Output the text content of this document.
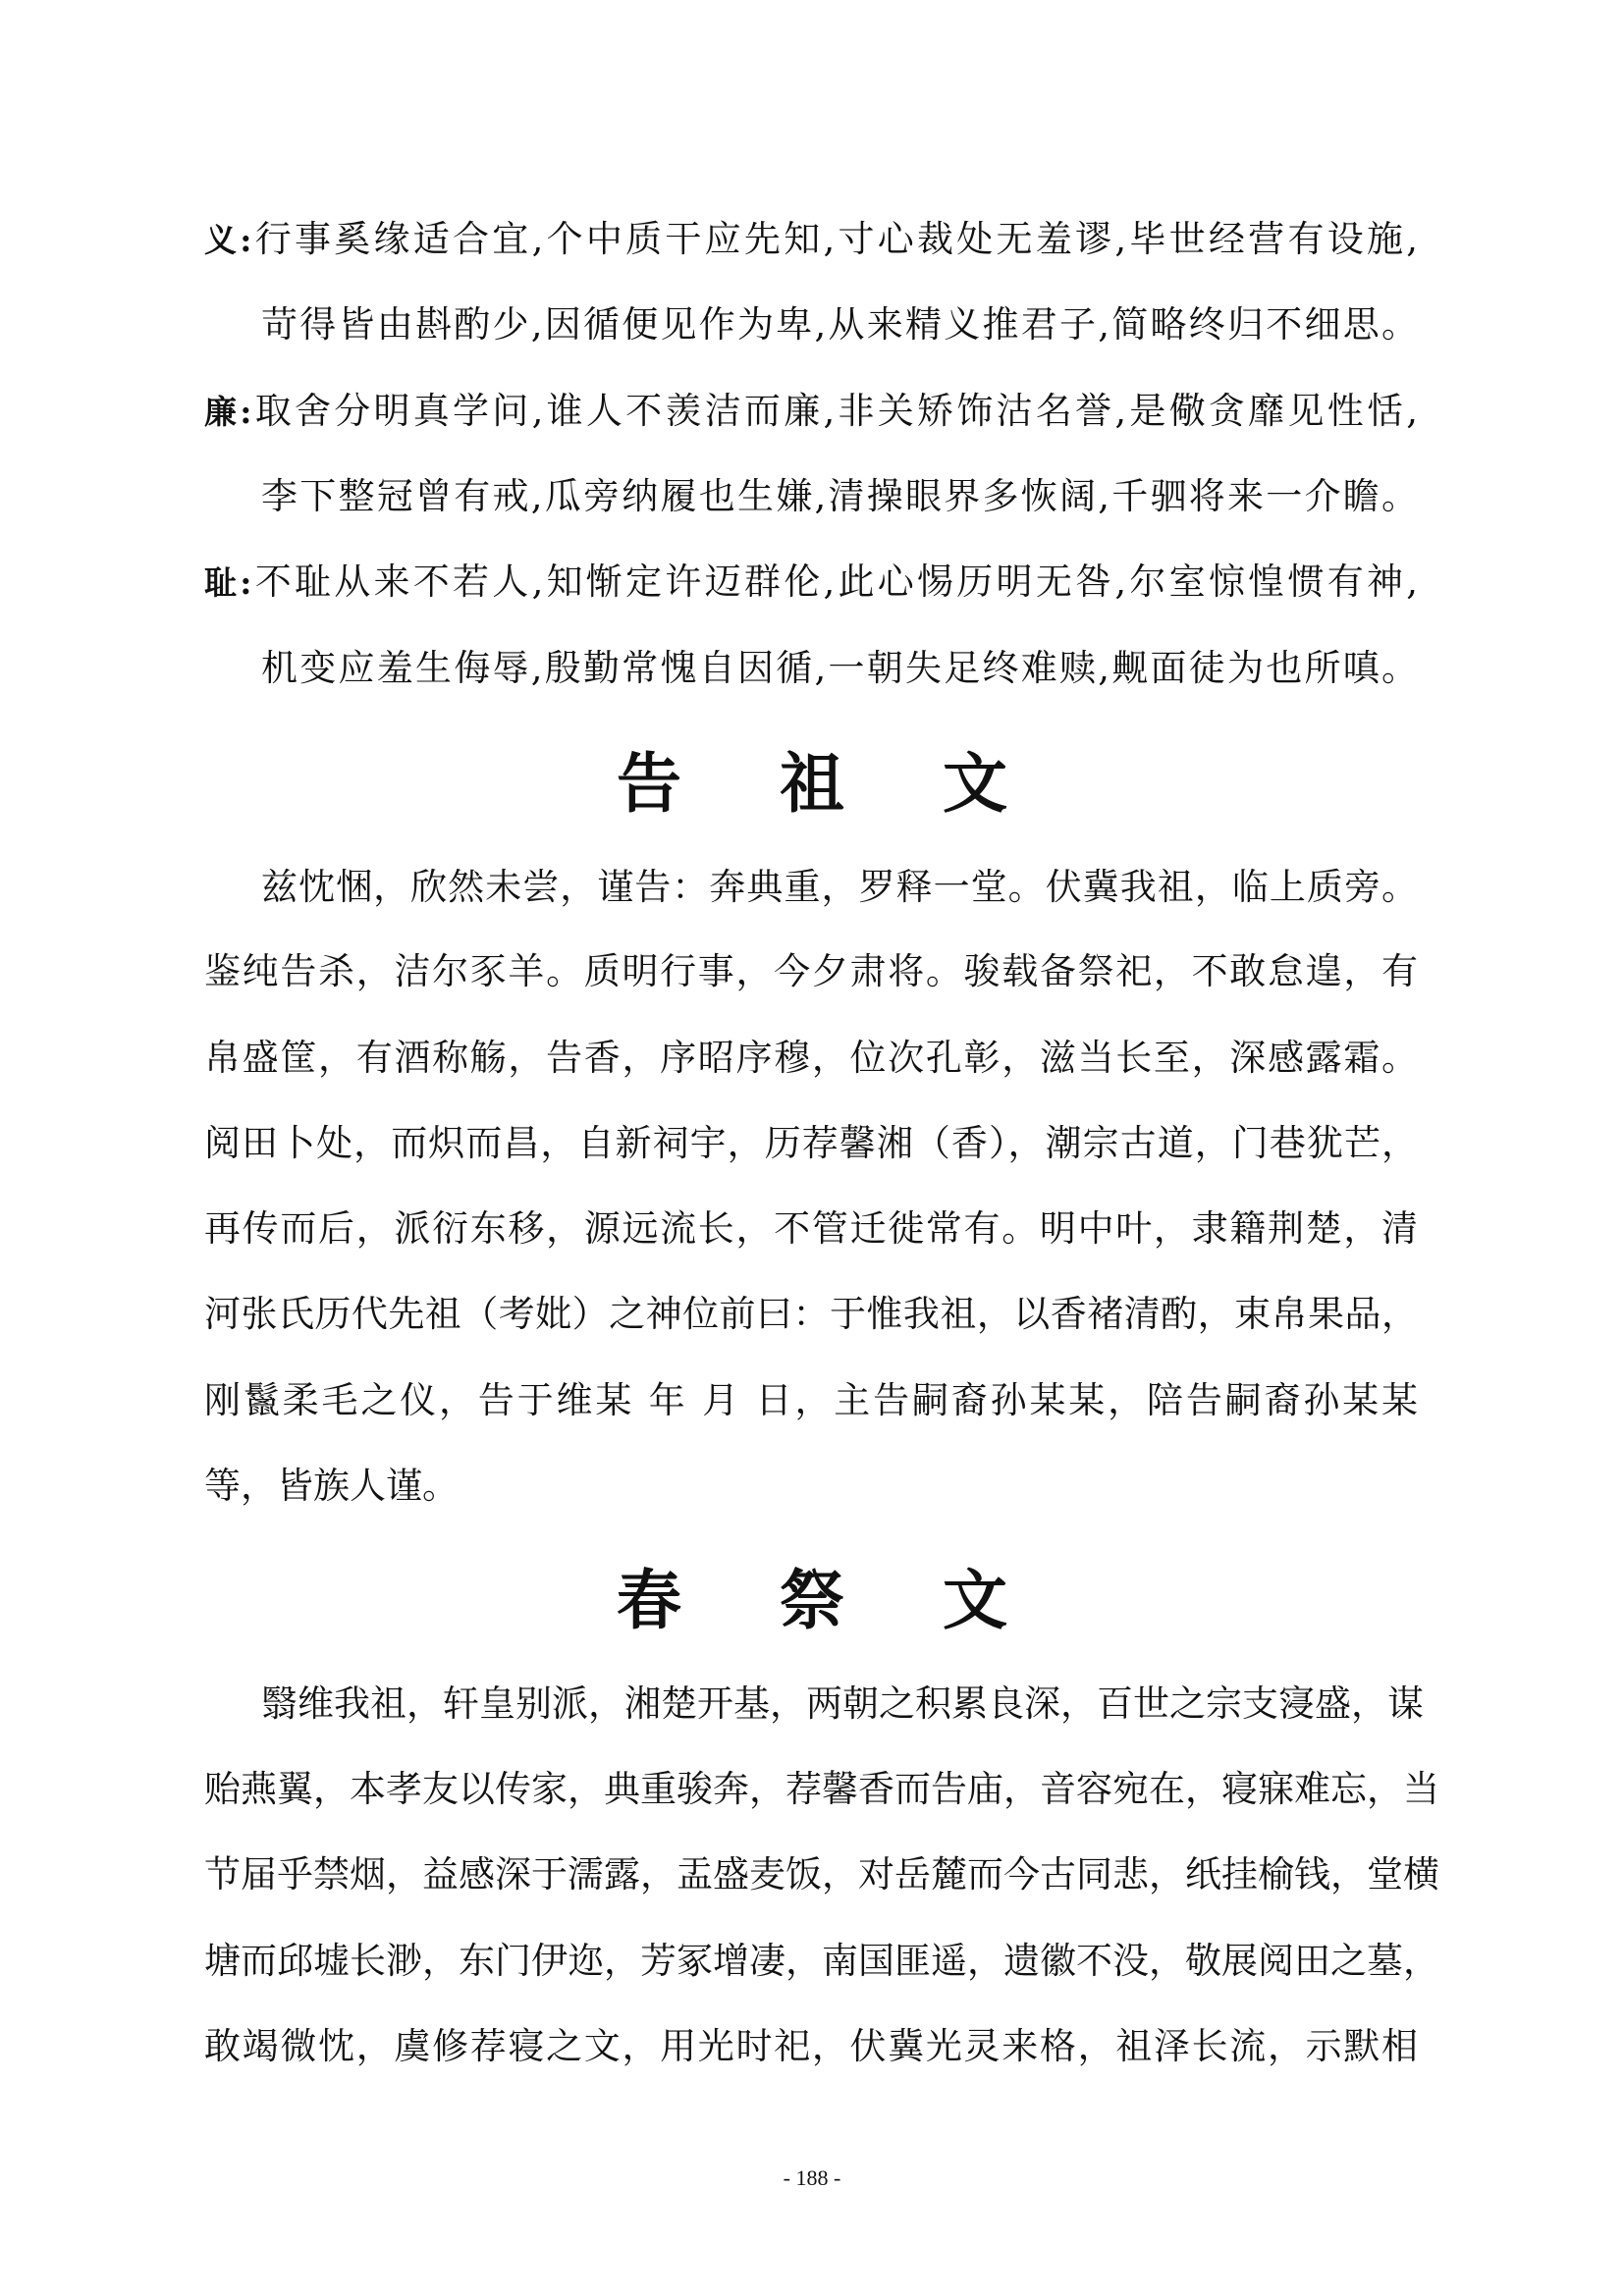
义:行事奚缘适合宜,个中质干应先知,寸心裁处无羞谬,毕世经营有设施,
苛得皆由斟酌少,因循便见作为卑,从来精义推君子,简略终归不细思。
廉:取舍分明真学问,谁人不羡洁而廉,非关矫饰沽名誉,是儆贪靡见性恬,
李下整冠曾有戒,瓜旁纳履也生嫌,清操眼界多恢阔,千驷将来一介瞻。
耻:不耻从来不若人,知惭定许迈群伦,此心惕历明无咎,尔室惊惶惯有神,
机变应羞生侮辱,殷勤常愧自因循,一朝失足终难赎,觍面徒为也所嗔。
告祖文
兹忱悃，欣然未尝，谨告：奔典重，罗释一堂。伏冀我祖，临上质旁。
鉴纯告杀，洁尔豕羊。质明行事，今夕肃将。骏载备祭祀，不敢怠遑，有
帛盛筐，有酒称觞，告香，序昭序穆，位次孔彰，滋当长至，深感露霜。
阅田卜处，而炽而昌，自新祠宇，历荐馨湘（香），潮宗古道，门巷犹芒，
再传而后，派衍东移，源远流长，不管迁徙常有。明中叶，隶籍荆楚，清
河张氏历代先祖（考妣）之神位前曰：于惟我祖，以香褚清酌，束帛果品，
刚鬣柔毛之仪，告于维某 年 月 日，主告嗣裔孙某某，陪告嗣裔孙某某
等，皆族人谨。
春祭文
翳维我祖，轩皇别派，湘楚开基，两朝之积累良深，百世之宗支寖盛，谋
贻燕翼，本孝友以传家，典重骏奔，荐馨香而告庙，音容宛在，寝寐难忘，当
节届乎禁烟，益感深于濡露，盂盛麦饭，对岳麓而今古同悲，纸挂榆钱，堂横
塘而邱墟长渺，东门伊迩，芳冢增凄，南国匪遥，遗徽不没，敬展阅田之墓，
敢竭微忱，虞修荐寝之文，用光时祀，伏冀光灵来格，祖泽长流，示默相
- 188 -
